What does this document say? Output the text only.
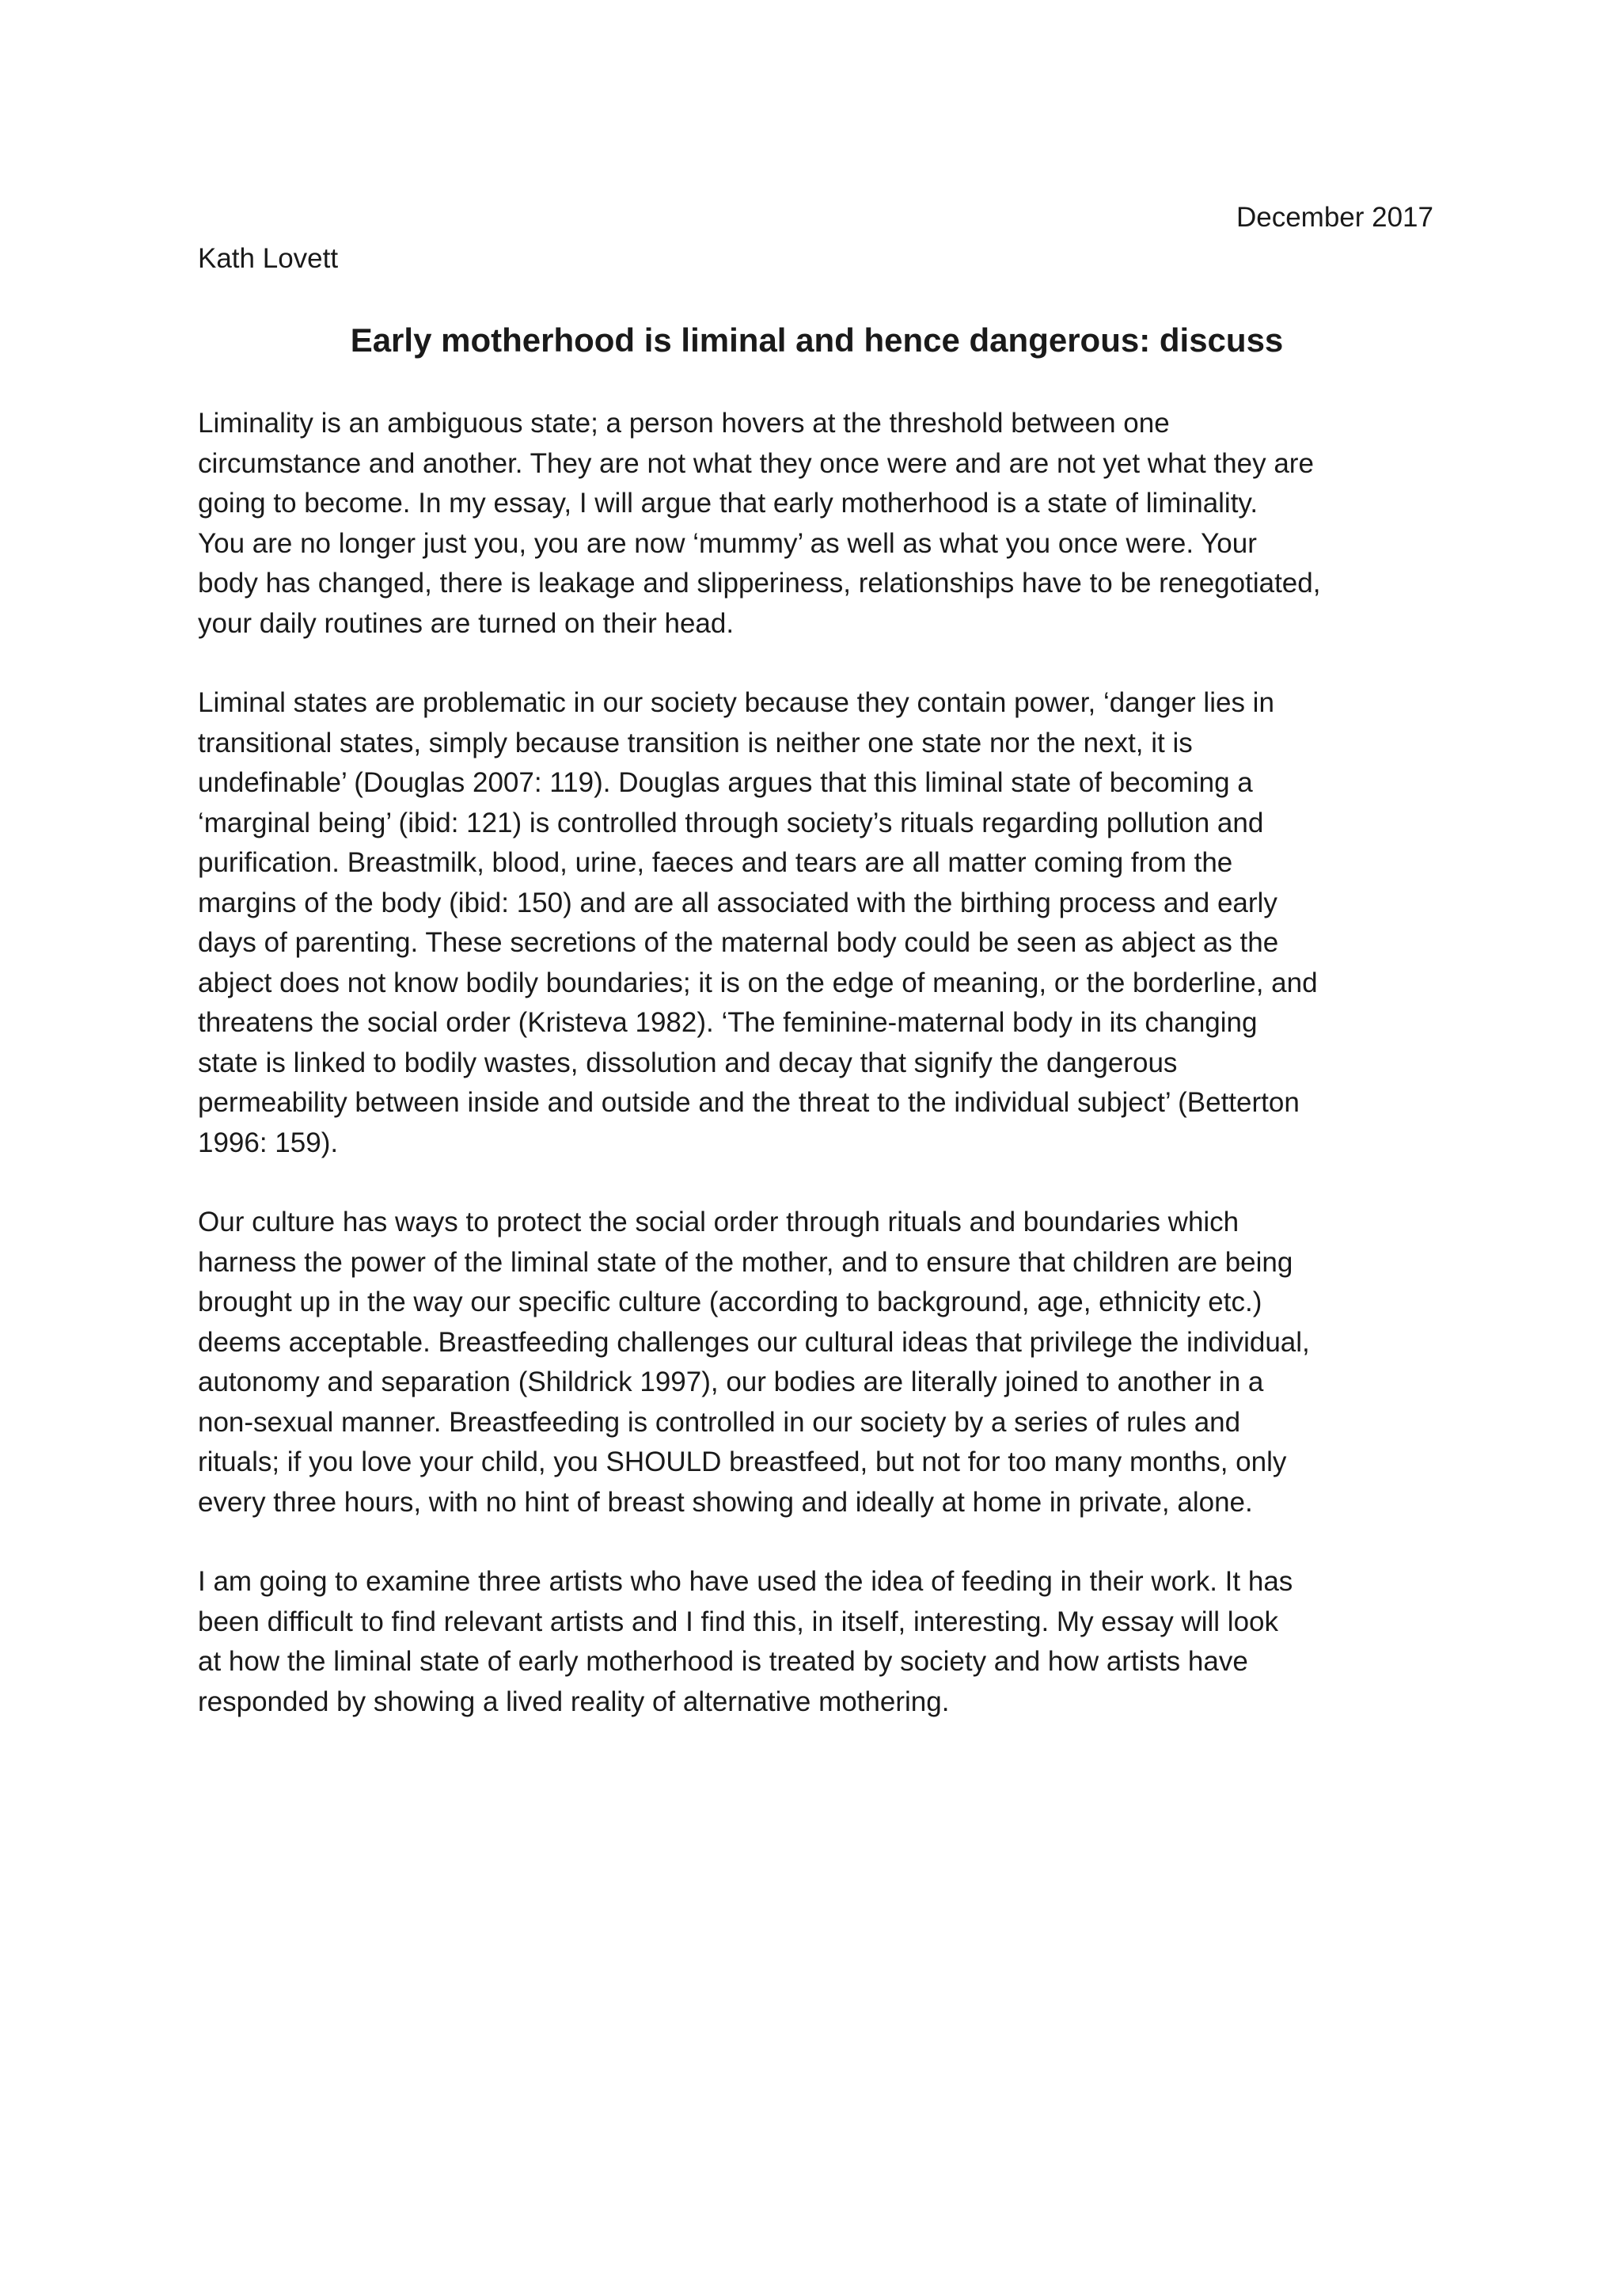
December 2017
Kath Lovett
Early motherhood is liminal and hence dangerous: discuss
Liminality is an ambiguous state; a person hovers at the threshold between one
circumstance and another. They are not what they once were and are not yet what they are
going to become. In my essay, I will argue that early motherhood is a state of liminality.
You are no longer just you, you are now ‘mummy’ as well as what you once were. Your
body has changed, there is leakage and slipperiness, relationships have to be renegotiated,
your daily routines are turned on their head.
Liminal states are problematic in our society because they contain power, ‘danger lies in
transitional states, simply because transition is neither one state nor the next, it is
undefinable’ (Douglas 2007: 119). Douglas argues that this liminal state of becoming a
‘marginal being’ (ibid: 121) is controlled through society’s rituals regarding pollution and
purification. Breastmilk, blood, urine, faeces and tears are all matter coming from the
margins of the body (ibid: 150) and are all associated with the birthing process and early
days of parenting. These secretions of the maternal body could be seen as abject as the
abject does not know bodily boundaries; it is on the edge of meaning, or the borderline, and
threatens the social order (Kristeva 1982). ‘The feminine-maternal body in its changing
state is linked to bodily wastes, dissolution and decay that signify the dangerous
permeability between inside and outside and the threat to the individual subject’ (Betterton
1996: 159).
Our culture has ways to protect the social order through rituals and boundaries which
harness the power of the liminal state of the mother, and to ensure that children are being
brought up in the way our specific culture (according to background, age, ethnicity etc.)
deems acceptable. Breastfeeding challenges our cultural ideas that privilege the individual,
autonomy and separation (Shildrick 1997), our bodies are literally joined to another in a
non-sexual manner. Breastfeeding is controlled in our society by a series of rules and
rituals; if you love your child, you SHOULD breastfeed, but not for too many months, only
every three hours, with no hint of breast showing and ideally at home in private, alone.
I am going to examine three artists who have used the idea of feeding in their work. It has
been difficult to find relevant artists and I find this, in itself, interesting. My essay will look
at how the liminal state of early motherhood is treated by society and how artists have
responded by showing a lived reality of alternative mothering.
